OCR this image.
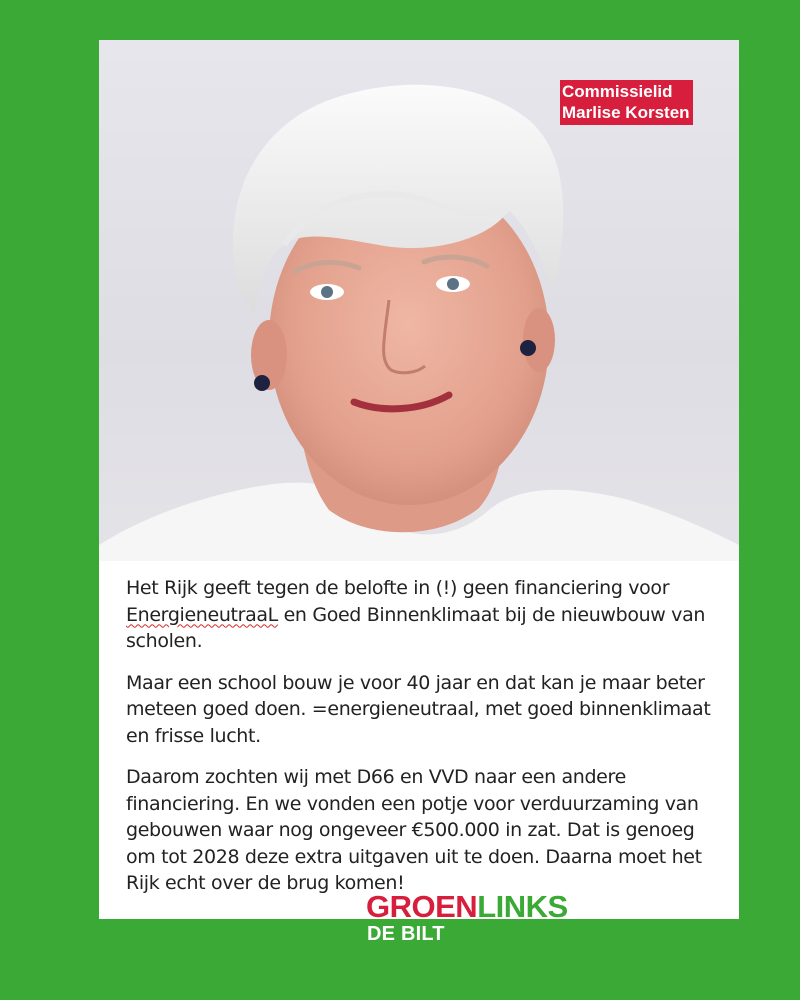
Commissielid
Marlise Korsten

Het Rijk geeft tegen de belofte in (!) geen financiering voor EnergieneutraaL en Goed Binnenklimaat bij de nieuwbouw van scholen.

Maar een school bouw je voor 40 jaar en dat kan je maar beter meteen goed doen. =energieneutraal, met goed binnenklimaat en frisse lucht.

Daarom zochten wij met D66 en VVD naar een andere financiering. En we vonden een potje voor verduurzaming van gebouwen waar nog ongeveer €500.000 in zat. Dat is genoeg om tot 2028 deze extra uitgaven uit te doen. Daarna moet het Rijk echt over de brug komen!

GROENLINKS
DE BILT
